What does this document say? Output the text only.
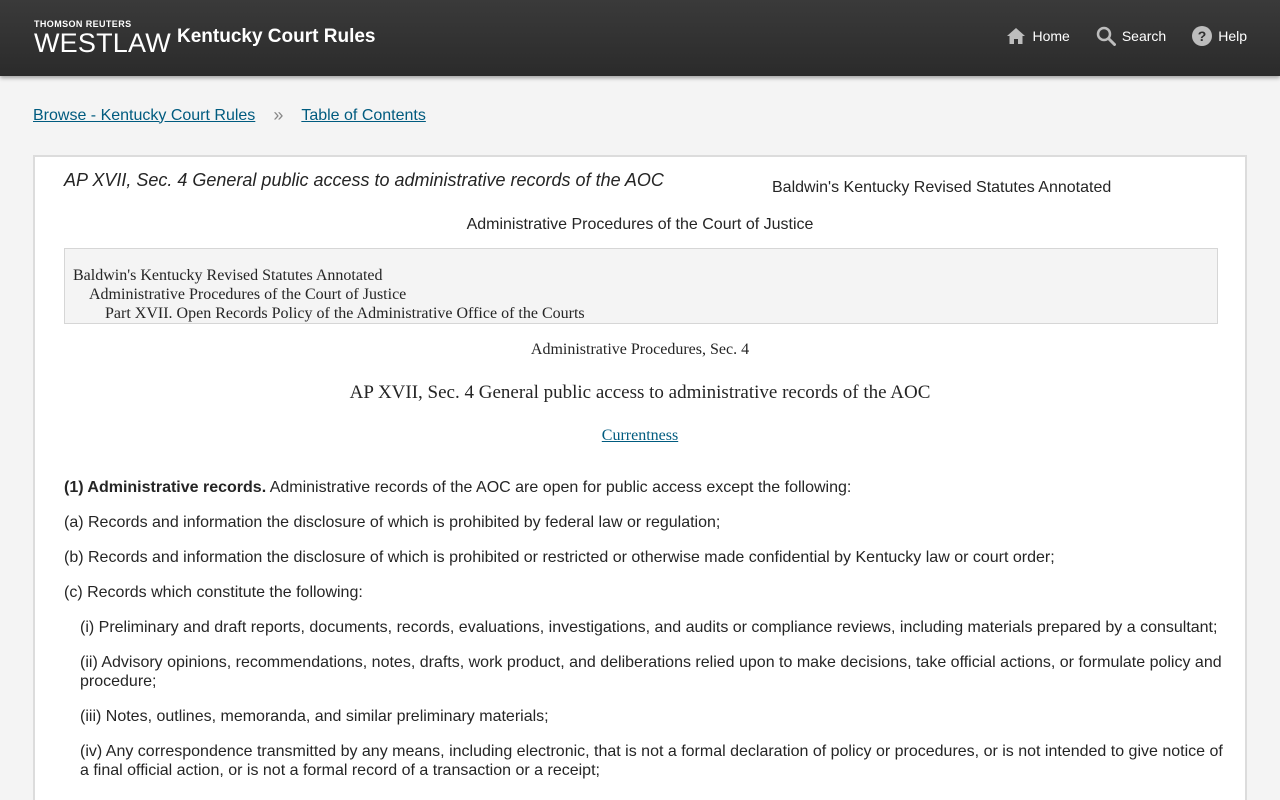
THOMSON REUTERS
WESTLAW Kentucky Court Rules	Home	Search ? Help
Browse - Kentucky Court Rules » Table of Contents
AP XVII, Sec. 4 General public access to administrative records of the AOC	Baldwin's Kentucky Revised Statutes Annotated
Administrative Procedures of the Court of Justice
Baldwin's Kentucky Revised Statutes Annotated
Administrative Procedures of the Court of Justice
Part XVII. Open Records Policy of the Administrative Office of the Courts
Administrative Procedures, Sec. 4
AP XVII, Sec. 4 General public access to administrative records of the AOC
Currentness

(1) Administrative records. Administrative records of the AOC are open for public access except the following:

(a) Records and information the disclosure of which is prohibited by federal law or regulation;

(b) Records and information the disclosure of which is prohibited or restricted or otherwise made confidential by Kentucky law or court order;

(c) Records which constitute the following:

(i) Preliminary and draft reports, documents, records, evaluations, investigations, and audits or compliance reviews, including materials prepared by a consultant;

(ii) Advisory opinions, recommendations, notes, drafts, work product, and deliberations relied upon to make decisions, take official actions, or formulate policy and procedure;

(iii) Notes, outlines, memoranda, and similar preliminary materials;

(iv) Any correspondence transmitted by any means, including electronic, that is not a formal declaration of policy or procedures, or is not intended to give notice of a final official action, or is not a formal record of a transaction or a receipt;
